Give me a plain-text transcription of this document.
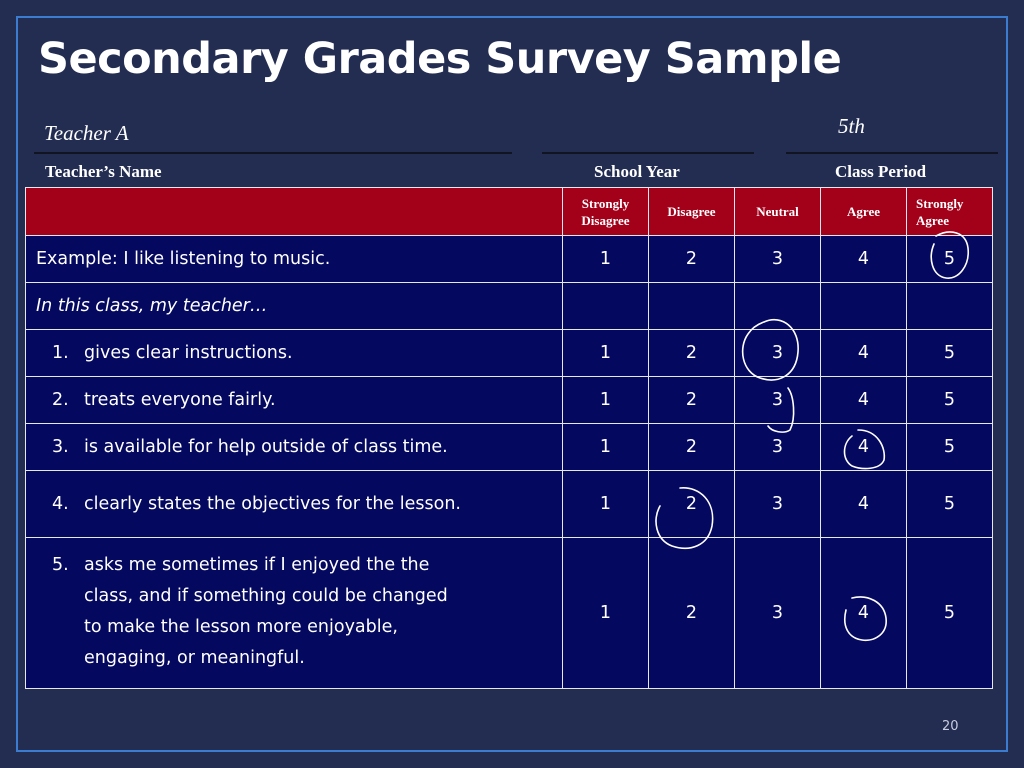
Secondary Grades Survey Sample
Teacher A	5th
Teacher’s Name	School Year	Class Period
	Strongly Disagree	Disagree	Neutral	Agree	Strongly Agree
Example: I like listening to music.	1	2	3	4	5
In this class, my teacher…					
1. gives clear instructions.	1	2	3	4	5
2. treats everyone fairly.	1	2	3	4	5
3. is available for help outside of class time.	1	2	3	4	5
4. clearly states the objectives for the lesson.	1	2	3	4	5

5. asks me sometimes if I enjoyed the the class, and if something could be changed to make the lesson more enjoyable, engaging, or meaningful.	1	2	3	4	5
20
